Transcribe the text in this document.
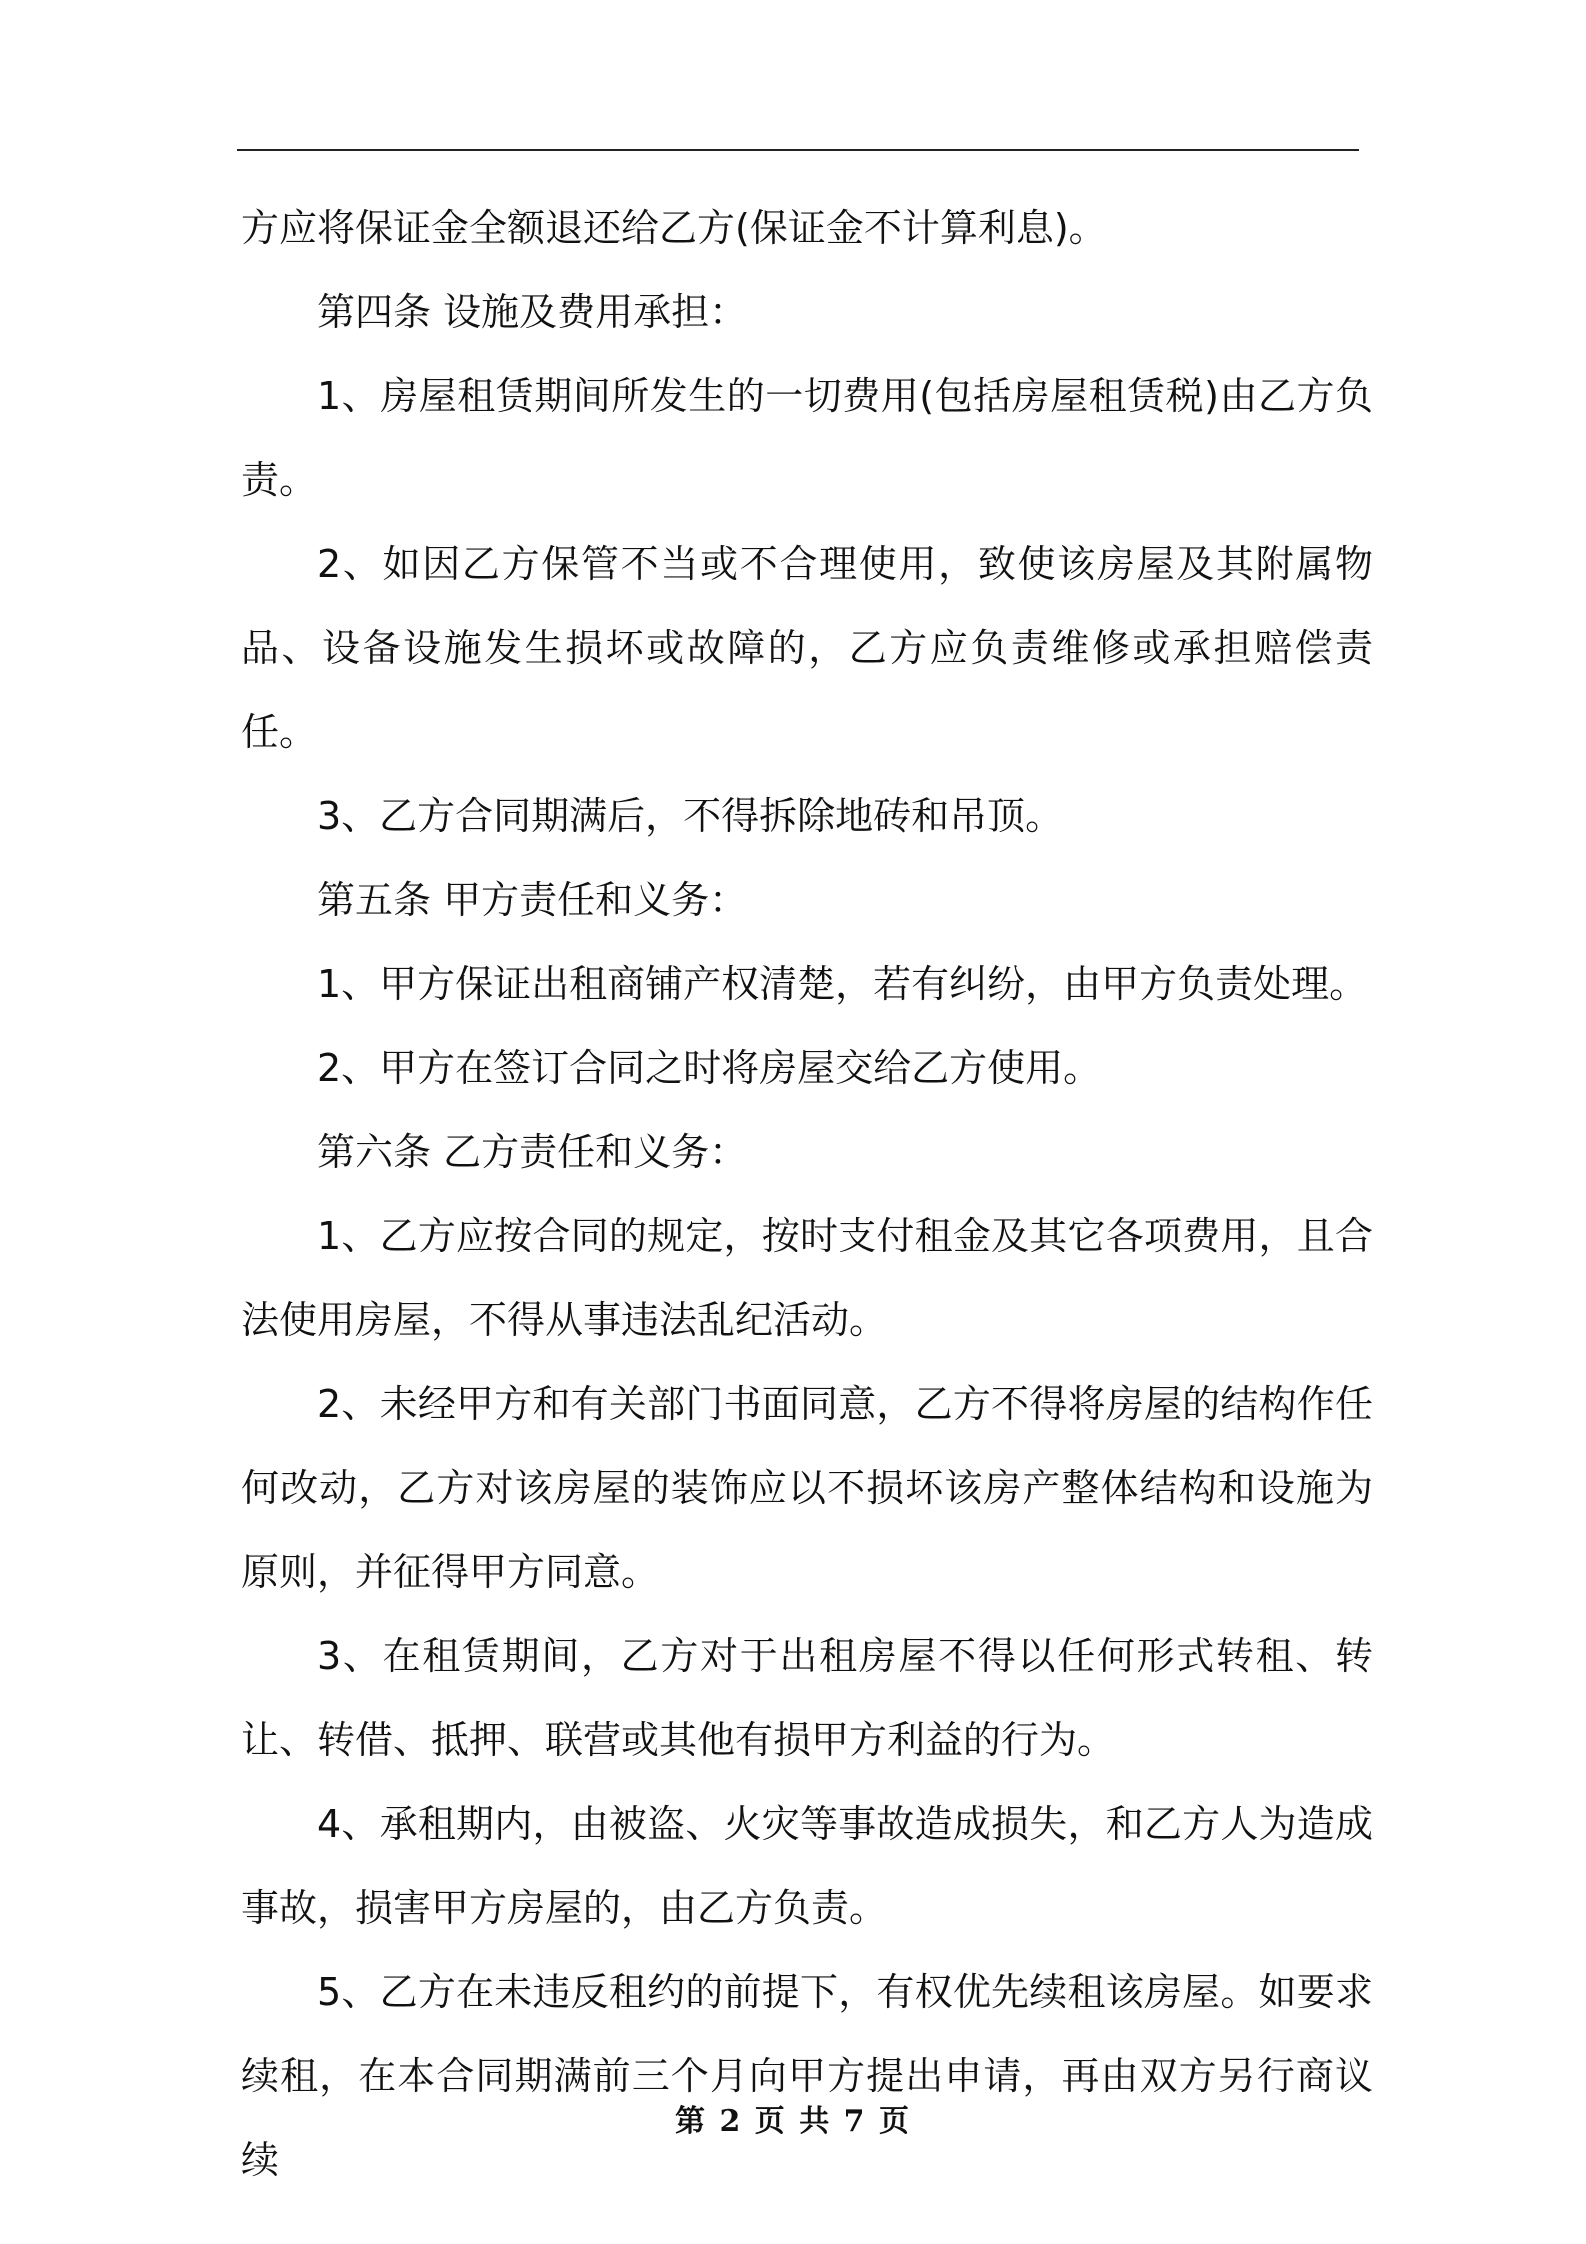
方应将保证金全额退还给乙方(保证金不计算利息)。

第四条 设施及费用承担：

1、房屋租赁期间所发生的一切费用(包括房屋租赁税)由乙方负责。

2、如因乙方保管不当或不合理使用，致使该房屋及其附属物品、设备设施发生损坏或故障的，乙方应负责维修或承担赔偿责任。

3、乙方合同期满后，不得拆除地砖和吊顶。

第五条 甲方责任和义务：

1、甲方保证出租商铺产权清楚，若有纠纷，由甲方负责处理。

2、甲方在签订合同之时将房屋交给乙方使用。

第六条 乙方责任和义务：

1、乙方应按合同的规定，按时支付租金及其它各项费用，且合法使用房屋，不得从事违法乱纪活动。

2、未经甲方和有关部门书面同意，乙方不得将房屋的结构作任何改动，乙方对该房屋的装饰应以不损坏该房产整体结构和设施为原则，并征得甲方同意。

3、在租赁期间，乙方对于出租房屋不得以任何形式转租、转让、转借、抵押、联营或其他有损甲方利益的行为。

4、承租期内，由被盗、火灾等事故造成损失，和乙方人为造成事故，损害甲方房屋的，由乙方负责。

5、乙方在未违反租约的前提下，有权优先续租该房屋。如要求续租，在本合同期满前三个月向甲方提出申请，再由双方另行商议续

第 2 页 共 7 页
